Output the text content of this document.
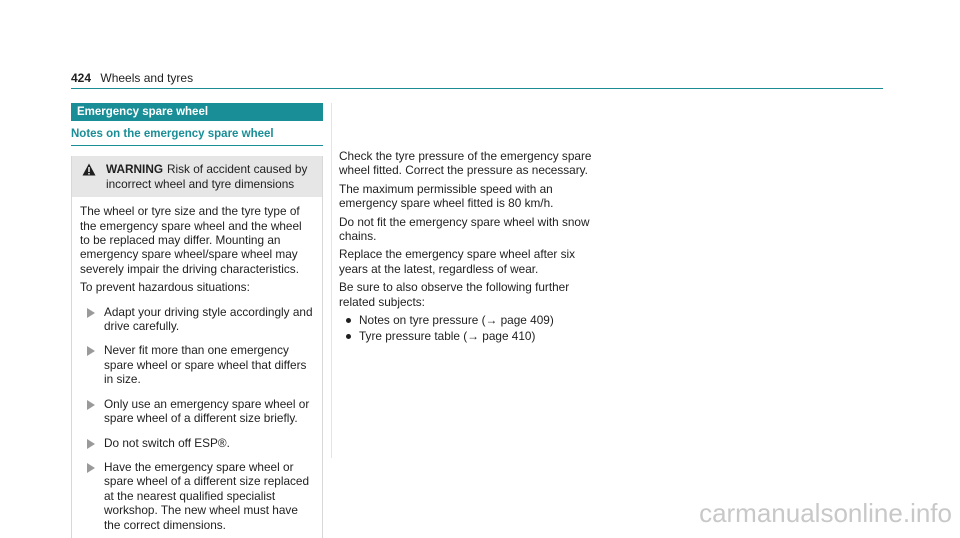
424 Wheels and tyres
Emergency spare wheel
Notes on the emergency spare wheel
WARNING Risk of accident caused by incorrect wheel and tyre dimensions

The wheel or tyre size and the tyre type of the emergency spare wheel and the wheel to be replaced may differ. Mounting an emergency spare wheel/spare wheel may severely impair the driving characteristics.

To prevent hazardous situations:

Adapt your driving style accordingly and drive carefully.
Never fit more than one emergency spare wheel or spare wheel that differs in size.
Only use an emergency spare wheel or spare wheel of a different size briefly.
Do not switch off ESP®.
Have the emergency spare wheel or spare wheel of a different size replaced at the nearest qualified specialist workshop. The new wheel must have the correct dimensions.

Check the tyre pressure of the emergency spare wheel fitted. Correct the pressure as necessary.

The maximum permissible speed with an emergency spare wheel fitted is 80 km/h.

Do not fit the emergency spare wheel with snow chains.

Replace the emergency spare wheel after six years at the latest, regardless of wear.

Be sure to also observe the following further related subjects:

Notes on tyre pressure (→ page 409)
Tyre pressure table (→ page 410)
carmanualsonline.info
